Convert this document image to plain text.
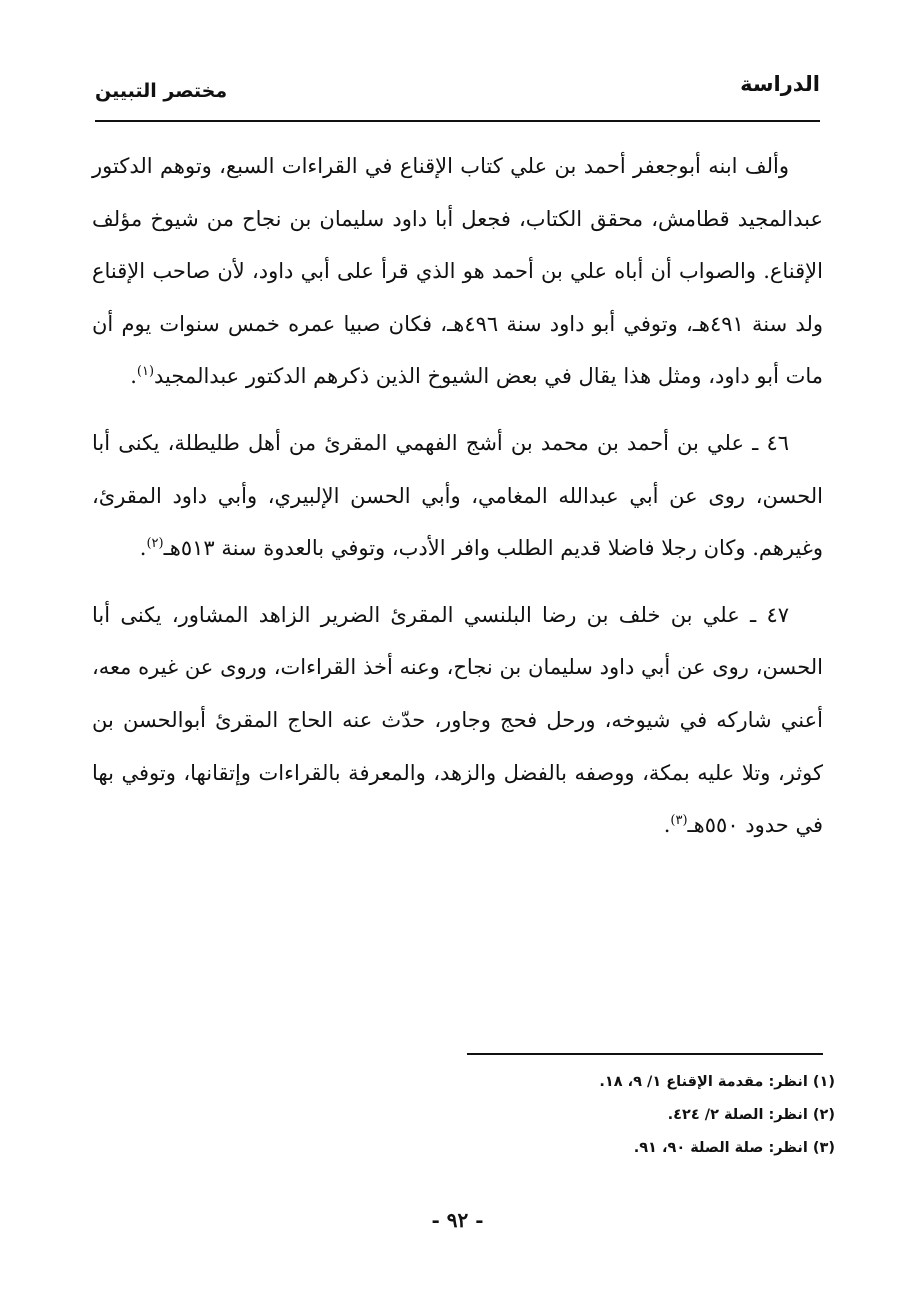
الدراسة
مختصر التبيين

وألف ابنه أبوجعفر أحمد بن علي كتاب الإقناع في القراءات السبع، وتوهم الدكتور عبدالمجيد قطامش، محقق الكتاب، فجعل أبا داود سليمان بن نجاح من شيوخ مؤلف الإقناع. والصواب أن أباه علي بن أحمد هو الذي قرأ على أبي داود، لأن صاحب الإقناع ولد سنة ٤٩١هـ، وتوفي أبو داود سنة ٤٩٦هـ، فكان صبيا عمره خمس سنوات يوم أن مات أبو داود، ومثل هذا يقال في بعض الشيوخ الذين ذكرهم الدكتور عبدالمجيد$^{(١)}$.

٤٦ ـ علي بن أحمد بن محمد بن أشج الفهمي المقرئ من أهل طليطلة، يكنى أبا الحسن، روى عن أبي عبدالله المغامي، وأبي الحسن الإلبيري، وأبي داود المقرئ، وغيرهم. وكان رجلا فاضلا قديم الطلب وافر الأدب، وتوفي بالعدوة سنة ٥١٣هـ$^{(٢)}$.

٤٧ ـ علي بن خلف بن رضا البلنسي المقرئ الضرير الزاهد المشاور، يكنى أبا الحسن، روى عن أبي داود سليمان بن نجاح، وعنه أخذ القراءات، وروى عن غيره معه، أعني شاركه في شيوخه، ورحل فحج وجاور، حدّث عنه الحاج المقرئ أبوالحسن بن كوثر، وتلا عليه بمكة، ووصفه بالفضل والزهد، والمعرفة بالقراءات وإتقانها، وتوفي بها في حدود ٥٥٠هـ$^{(٣)}$.

(١) انظر: مقدمة الإقناع ١/ ٩، ١٨.
(٢) انظر: الصلة ٢/ ٤٢٤.
(٣) انظر: صلة الصلة ٩٠، ٩١.
- ٩٢ -
